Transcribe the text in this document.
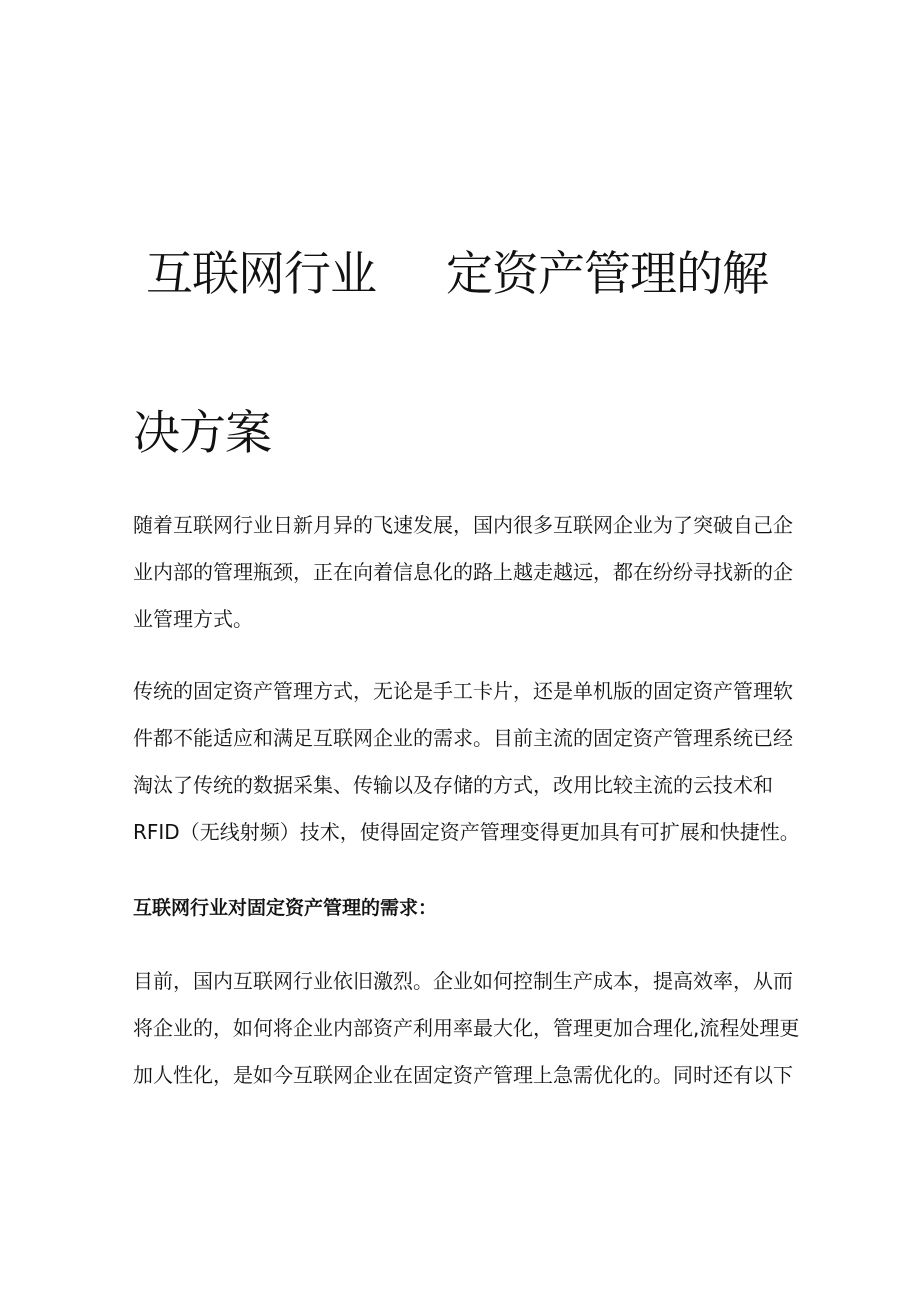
互联网行业 定资产管理的解
决方案

随着互联网行业日新月异的飞速发展，国内很多互联网企业为了突破自己企
业内部的管理瓶颈，正在向着信息化的路上越走越远，都在纷纷寻找新的企
业管理方式。

传统的固定资产管理方式，无论是手工卡片，还是单机版的固定资产管理软
件都不能适应和满足互联网企业的需求。目前主流的固定资产管理系统已经
淘汰了传统的数据采集、传输以及存储的方式，改用比较主流的云技术和
RFID（无线射频）技术，使得固定资产管理变得更加具有可扩展和快捷性。

互联网行业对固定资产管理的需求：

目前，国内互联网行业依旧激烈。企业如何控制生产成本，提高效率，从而
将企业的，如何将企业内部资产利用率最大化，管理更加合理化,流程处理更
加人性化，是如今互联网企业在固定资产管理上急需优化的。同时还有以下
